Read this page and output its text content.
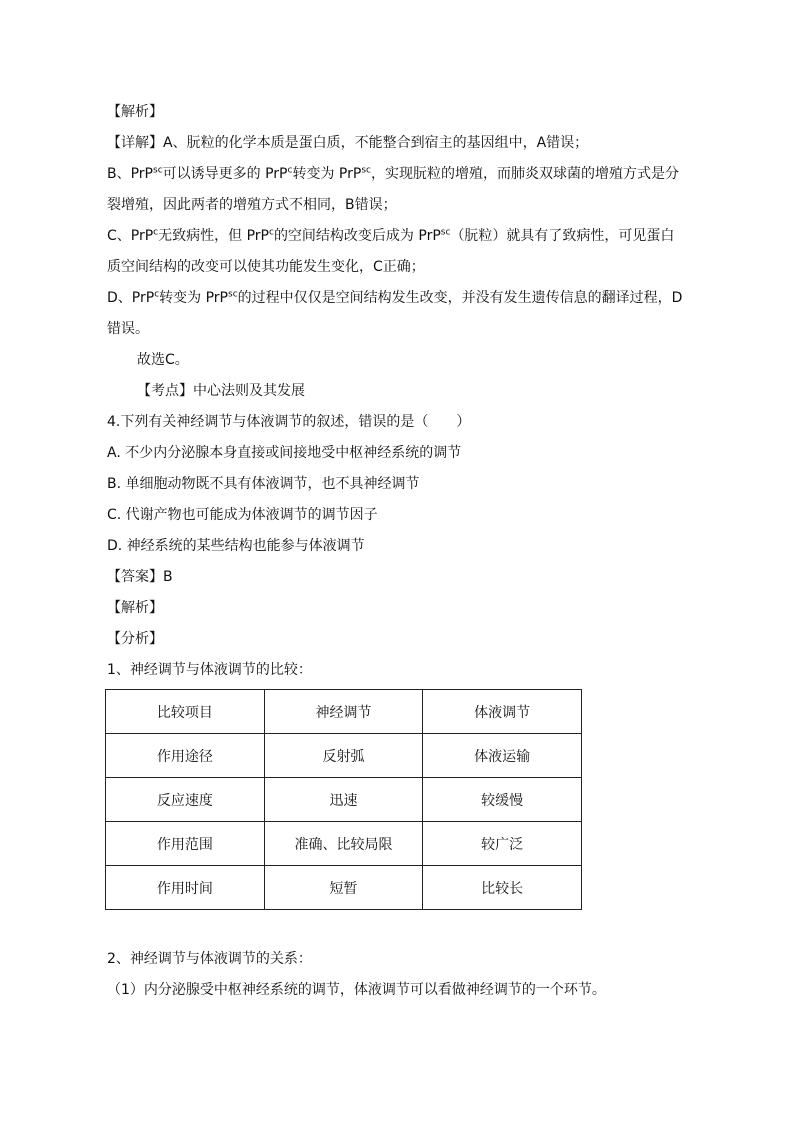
【解析】
【详解】A、朊粒的化学本质是蛋白质，不能整合到宿主的基因组中，A错误；
B、PrP$^{sc}$可以诱导更多的 PrP$^c$转变为 PrP$^{sc}$，实现朊粒的增殖，而肺炎双球菌的增殖方式是分
裂增殖，因此两者的增殖方式不相同，B错误；
C、PrP$^c$无致病性，但 PrP$^c$的空间结构改变后成为 PrP$^{sc}$（朊粒）就具有了致病性，可见蛋白
质空间结构的改变可以使其功能发生变化，C正确；
D、PrP$^c$转变为 PrP$^{sc}$的过程中仅仅是空间结构发生改变，并没有发生遗传信息的翻译过程，D
错误。
故选C。
【考点】中心法则及其发展
4.下列有关神经调节与体液调节的叙述，错误的是（　　）
A. 不少内分泌腺本身直接或间接地受中枢神经系统的调节
B. 单细胞动物既不具有体液调节，也不具神经调节
C. 代谢产物也可能成为体液调节的调节因子
D. 神经系统的某些结构也能参与体液调节
【答案】B
【解析】
【分析】
1、神经调节与体液调节的比较：
比较项目	神经调节	体液调节
作用途径	反射弧	体液运输
反应速度	迅速	较缓慢
作用范围	准确、比较局限	较广泛
作用时间	短暂	比较长
2、神经调节与体液调节的关系：
（1）内分泌腺受中枢神经系统的调节，体液调节可以看做神经调节的一个环节。
